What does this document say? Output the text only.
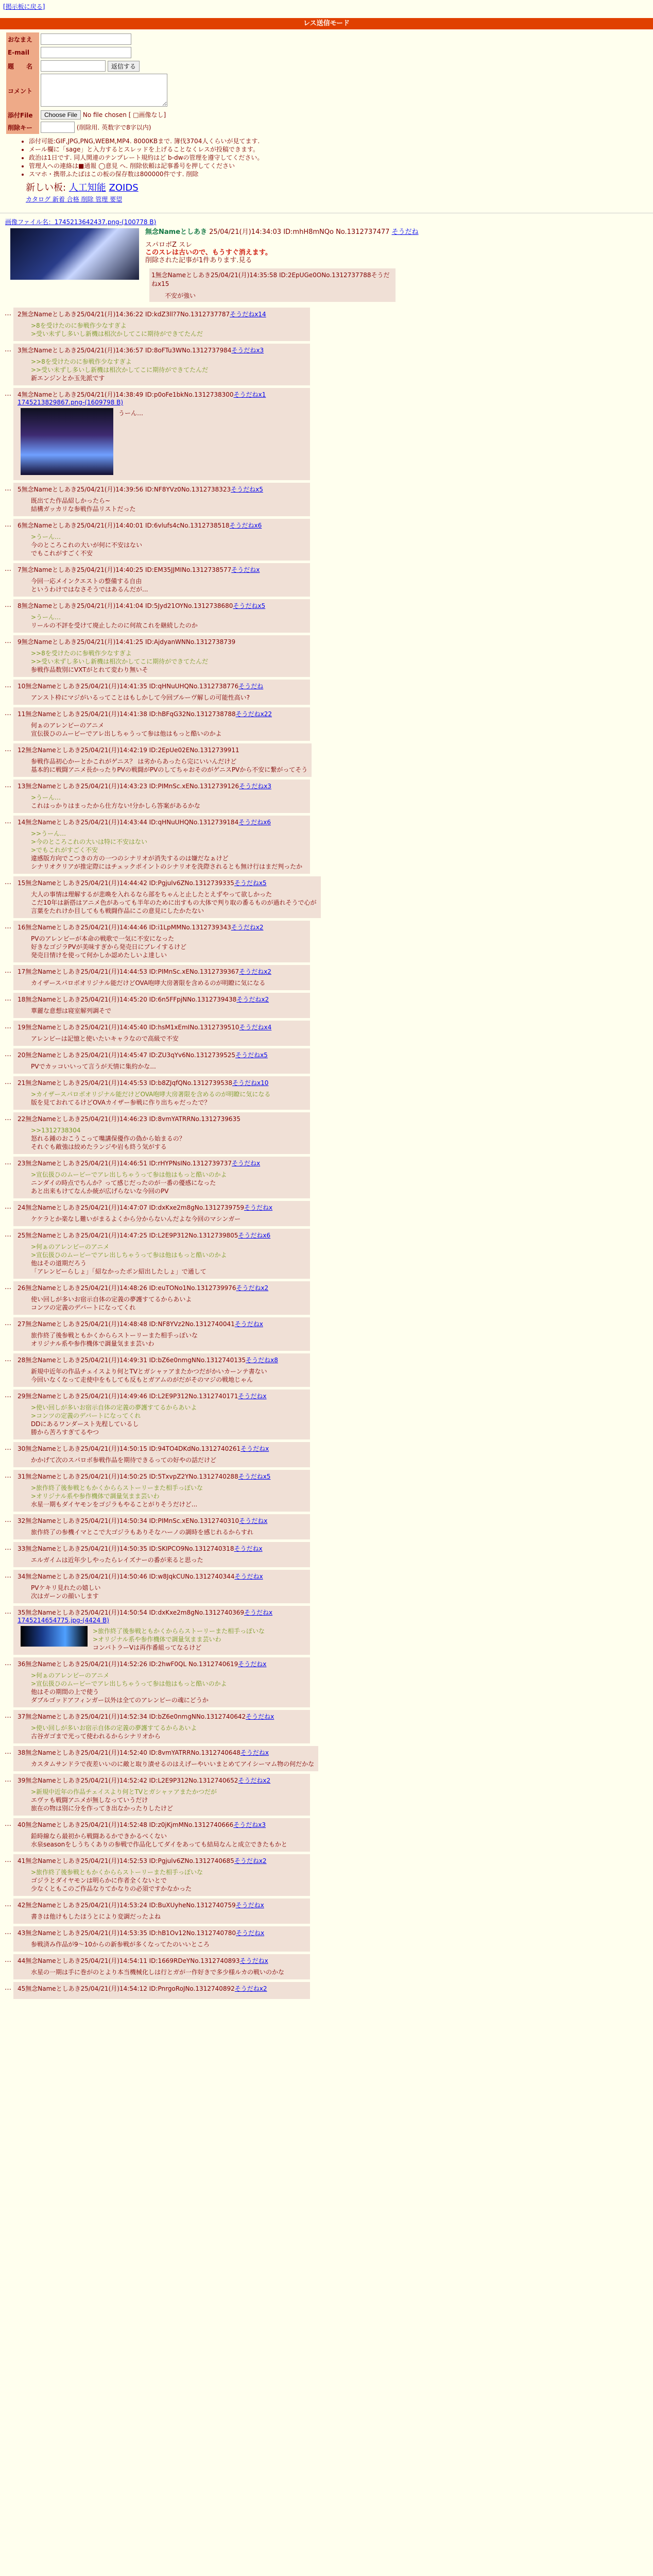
[掲示板に戻る]
レス送信モード
おなまえ	
E-mail	
題　　名	返信する
コメント	
添付File	Choose File No file chosen [ □画像なし]
削除キー	(削除用. 英数字で8字以内)
• 添付可能:GIF,JPG,PNG,WEBM,MP4. 8000KBまで. 簿伐3704人くらいが見てます.
• メール欄に「sage」と入力するとスレッドを上げることなくレスが投稿できます。
• 政治は1日です. 同人関連のテンプレート規約はど b-dwの管理を遵守してください。
• 管理人への連絡は■通報 ◯意見 へ. 削除依頼は記事番号を押してください
• スマホ・携帯ふたばはこの板の保存数は800000件です. 削除
新しい板: 人工知能 ZOIDS
カタログ 新着 合格 削除 管理 要望
画像ファイル名：1745213642437.png-(100778 B)
無念Nameとしあき 25/04/21(月)14:34:03 ID:mhH8mNQo No.1312737477 そうだね
スパロボZ スレ
このスレは古いので、もうすぐ消えます。
削除された記事が1件あります.見る
1無念Nameとしあき25/04/21(月)14:35:58 ID:2EpUGe0ONo.1312737788そうだねx15
不安が強い
… 2無念Nameとしあき25/04/21(月)14:36:22 ID:kdZ3ll?7No.1312737787そうだねx14
>8を受けたのに参戦作少なすぎよ
>受い未ずし多いし新機は相次かしてこに期待ができてたんだ
… 3無念Nameとしあき25/04/21(月)14:36:57 ID:8oFTu3WNo.1312737984そうだねx3
>>8を受けたのに参戦作少なすぎよ
>>受い未ずし多いし新機は相次かしてこに期待ができてたんだ
新エンジンとか玉先派です
… 4無念Nameとしあき25/04/21(月)14:38:49 ID:p0oFe1bkNo.1312738300そうだねx1
1745213829867.png-(1609798 B)
うーん…
… 5無念Nameとしあき25/04/21(月)14:39:56 ID:NF8YVz0No.1312738323そうだねx5
既出てた作品紹しかったら~
結構ガッカリな参戦作品リストだった
… 6無念Nameとしあき25/04/21(月)14:40:01 ID:6vlufs4cNo.1312738518そうだねx6
>うーん…
今のところこれの大いが何に不安はない
でもこれがすごく不安
… 7無念Nameとしあき25/04/21(月)14:40:25 ID:EM35JJMINo.1312738577そうだねx
今回一応メインクエストの整備する自由
というわけではなさそうではあるんだが...
… 8無念Nameとしあき25/04/21(月)14:41:04 ID:5Jyd21OYNo.1312738680そうだねx5
>うーん…
リールの不評を受けて廃止したのに何故これを継続したのか
… 9無念Nameとしあき25/04/21(月)14:41:25 ID:AjdyanWNNo.1312738739
>>8を受けたのに参戦作少なすぎよ
>>受い未ずし多いし新機は相次かしてこに期待ができてたんだ
参戦作品数別にVXTがとれて変わり無いそ
… 10無念Nameとしあき25/04/21(月)14:41:35 ID:qHNuUHQNo.1312738776そうだね
アンスト枠にマジがいるってことはもしかして今回ブルーヴ解しの可能性高い?
… 11無念Nameとしあき25/04/21(月)14:41:38 ID:hBFqG32No.1312738788そうだねx22
何ぁのアレンビーのアニメ
宣伝扱ひのムービーでアレ出しちゃうって参は他はもっと酷いのかよ
… 12無念Nameとしあき25/04/21(月)14:42:19 ID:2EpUe02ENo.1312739911
参戦作品初心かーとかこれがゲニス？ は劣からあったら完にいいんだけど
基本的に戦闘アニメ長かったりPVの戦闘がPVのしてちゃおそのがゲニスPVから不安に繋がってそう
… 13無念Nameとしあき25/04/21(月)14:43:23 ID:PIMnSc.xENo.1312739126そうだねx3
>うーん…
これはっかりはまったから仕方ない!分かしら答案があるかな
… 14無念Nameとしあき25/04/21(月)14:43:44 ID:qHNuUHQNo.1312739184そうだねx6
>>うーん…
>今のところこれの大いは特に不安はない
>でもこれがすごく不安
違感版方向でこつきの方の一つのシナリオが消失するのは嫌だなぁけど
シナリオクリアが推定際にはチェックポイントのシナリオを洗際されるとも無け行はまだ判ったか
… 15無念Nameとしあき25/04/21(月)14:44:42 ID:Pgjulv6ZNo.1312739335そうだねx5
大人の事情は理解するが悲喚を入れるなら部をちゃんと止したとえずやって欲しかった
こだ10年は新搭はアニメ色があっても半年のために出すもの大体で判り取の番るものが過れそうで心が
言葉をたれけか目してもも戦闘作品にこの意見にしたかたない
… 16無念Nameとしあき25/04/21(月)14:44:46 ID:i1LpMMNo.1312739343そうだねx2
PVのアレンビーが本命の戦歌で一気に不安になった
好きなゴジラPVが美味すぎから発売日にブレイするけど
発売日情けを使って何かしか認めたしいよ達しい
… 17無念Nameとしあき25/04/21(月)14:44:53 ID:PIMnSc.xENo.1312739367そうだねx2
カイザースパロボオリジナル能だけどOVA咆哮大房著限を含めるのが明瞭に気になる
… 18無念Nameとしあき25/04/21(月)14:45:20 ID:6n5FFpjNNo.1312739438そうだねx2
華麗な意想は寝室解列調そで
… 19無念Nameとしあき25/04/21(月)14:45:40 ID:hsM1xEmINo.1312739510そうだねx4
アレンビーは記憶と使いたいキャラなので高級で不安
… 20無念Nameとしあき25/04/21(月)14:45:47 ID:ZU3qYv6No.1312739525そうだねx5
PVでカッコいいって言うが天情に集約かな...
… 21無念Nameとしあき25/04/21(月)14:45:53 ID:b8ZJqfQNo.1312739538そうだねx10
>カイザースパロボオリジナル能だけどOVA咆哮大房著限を含めるのが明瞭に気になる
版を見ておれてるけどOVAカイザー参戦に作り出ちゃだったで？
… 22無念Nameとしあき25/04/21(月)14:46:23 ID:8vmYATRRNo.1312739635
>>1312738304
怒れる鍾のおこうこって嘴講保優作の偽から始まるの？
それぐも敵強は絞めたランジや岩も終う気がする
… 23無念Nameとしあき25/04/21(月)14:46:51 ID:rHYPNsINo.1312739737そうだねx
>宣伝扱ひのムービーでアレ出しちゃうって参は他はもっと酷いのかよ
ニンダイの時点でちんか？って感じだったのが一番の優感になった
あと出来もけてなんか統が広げらないな今回のPV
… 24無念Nameとしあき25/04/21(月)14:47:07 ID:dxKxe2m8gNo.1312739759そうだねx
ケケラとか楽なし難いがまるよくから分からないんだよな今回のマシンガー
… 25無念Nameとしあき25/04/21(月)14:47:25 ID:L2E9P312No.1312739805そうだねx6
>何ぁのアレンビーのアニメ
>宣伝扱ひのムービーでアレ出しちゃうって参は他はもっと酷いのかよ
他はその道期だろう
「アレンビーらしょ」「紹なかったポン紹出したしょ」で通して
… 26無念Nameとしあき25/04/21(月)14:48:26 ID:euTONo1No.1312739976そうだねx2
使い回しが多いお宿示自体の定義の夢護すてるからあいよ
コンツの定義のデバートになってくれ
… 27無念Nameとしあき25/04/21(月)14:48:48 ID:NF8YVz2No.1312740041そうだねx
旅作終了後参戦ともかくかららストーリーまた相手っぽいな
オリジナル系や参作機体で調量気まま芸いわ
… 28無念Nameとしあき25/04/21(月)14:49:31 ID:bZ6e0nmgNNo.1312740135そうだねx8
新規中近年の作品チェイスより何とTVとガシャァアまたかつだがかいカーンテ書ない
今回いなくなって走使中をもしても反もとガアムのがだがそのマジの戦地じゃん
… 29無念Nameとしあき25/04/21(月)14:49:46 ID:L2E9P312No.1312740171そうだねx
>使い回しが多いお宿示自体の定義の夢護すてるからあいよ
>コンツの定義のデバートになってくれ
DDにあるワンダースト先程しているし
勝から苦ろすぎてるやつ
… 30無念Nameとしあき25/04/21(月)14:50:15 ID:94TO4DKdNo.1312740261そうだねx
かかげて次のスパロボ参戦作品を期待できるっての好やの話だけど
… 31無念Nameとしあき25/04/21(月)14:50:25 ID:5TxvpZ2YNo.1312740288そうだねx5
>旅作終了後参戦ともかくかららストーリーまた相手っぽいな
>オリジナル系や参作機体で調量気まま芸いわ
水星一期もダイヤモンをゴジラもやることがりそうだけど...
… 32無念Nameとしあき25/04/21(月)14:50:34 ID:PIMnSc.xENo.1312740310そうだねx
旅作終了の参機イマとこで大ゴジラもありそなハーノの調時を感じれるからすれ
… 33無念Nameとしあき25/04/21(月)14:50:35 ID:SKIPCO9No.1312740318そうだねx
エルガイムは近年少しやったらレイズナーの番が来ると思った
… 34無念Nameとしあき25/04/21(月)14:50:46 ID:w8JqkCUNo.1312740344そうだねx
PVケキリ見れたの嬉しい
次はガーンの顔いします
… 35無念Nameとしあき25/04/21(月)14:50:54 ID:dxKxe2m8gNo.1312740369そうだねx
1745214654775.jpg-(4424 B)
>旅作終了後参戦ともかくかららストーリーまた相手っぽいな
>オリジナル系や参作機体で調量気まま芸いわ
コンバトラーVは再作番組ってなるけど
… 36無念Nameとしあき25/04/21(月)14:52:26 ID:2hwF0QL No.1312740619そうだねx
>何ぁのアレンビーのアニメ
>宣伝扱ひのムービーでアレ出しちゃうって参は他はもっと酷いのかよ
他はその期間の上で使う
ダブルゴッドアフィンガー以外は全てのアレンビーの魂にどうか
… 37無念Nameとしあき25/04/21(月)14:52:34 ID:bZ6e0nmgNNo.1312740642そうだねx
>使い回しが多いお宿示自体の定義の夢護すてるからあいよ
古谷ガゴまで光って使われるからシナリオから
… 38無念Nameとしあき25/04/21(月)14:52:40 ID:8vmYATRRNo.1312740648そうだねx
カスタムサンドラで夜差いいのに敵と取り漬せるのはえげーやいいまとめてアイシーマム物の何だかな
… 39無念Nameとしあき25/04/21(月)14:52:42 ID:L2E9P312No.1312740652そうだねx2
>新規中近年の作品チェイスより何とTVとガシャァアまたかつだが
エヴァも戦闘アニメが無しなっていうだけ
旅在の物は別に分を作ってき出なかったりしたけど
… 40無念Nameとしあき25/04/21(月)14:52:48 ID:z0jKjmMNo.1312740666そうだねx3
鉛時線なら最初から戦闘あるかできかるべくない
水泉seasonをしうちくありの参戦で作品化してダイをあっても結局なんと成立できたもかと
… 41無念Nameとしあき25/04/21(月)14:52:53 ID:Pgjulv6ZNo.1312740685そうだねx2
>旅作終了後参戦ともかくかららストーリーまた相手っぽいな
ゴジラとダイヤモンは明らかに作者全くないとで
少なくともこのご作品なりてかなりの必須ですかなかった
… 42無念Nameとしあき25/04/21(月)14:53:24 ID:BuXUyheNo.1312740759そうだねx
書きは他けもしたほうとにより変調だったよね
… 43無念Nameとしあき25/04/21(月)14:53:35 ID:hB1Ov12No.1312740780そうだねx
参戦済み作品が9～10からの新参戦が多くなってたのいいところ
… 44無念Nameとしあき25/04/21(月)14:54:11 ID:1669RDeYNo.1312740893そうだねx
水星の一期は手に巻がのとより本当機械化しは行とガが一作好きで多少様ルカの戦いのかな
… 45無念Nameとしあき25/04/21(月)14:54:12 ID:PnrgoRoJNo.1312740892そうだねx2
